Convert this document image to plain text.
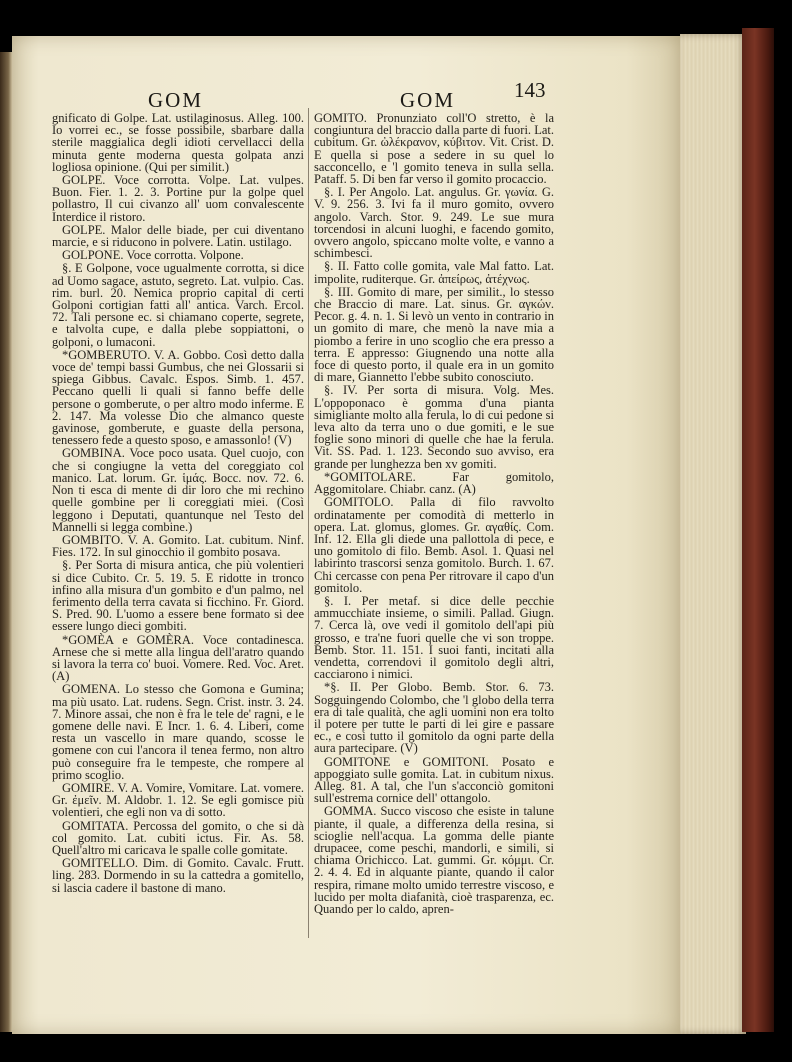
GOM	GOM	143

gnificato di Golpe. Lat. ustilaginosus. Alleg. 100. Io vorrei ec., se fosse possibile, sbarbare dalla sterile maggialica degli idioti cervellacci della minuta gente moderna questa golpata anzi logliosa opinione. (Qui per similit.)

GOLPE. Voce corrotta. Volpe. Lat. vulpes. Buon. Fier. 1. 2. 3. Portine pur la golpe quel pollastro, Il cui civanzo all' uom convalescente Interdice il ristoro.

GOLPE. Malor delle biade, per cui diventano marcie, e si riducono in polvere. Latin. ustilago.

GOLPONE. Voce corrotta. Volpone.

§. E Golpone, voce ugualmente corrotta, si dice ad Uomo sagace, astuto, segreto. Lat. vulpio. Cas. rim. burl. 20. Nemica proprio capital di certi Golponi cortigian fatti all' antica. Varch. Ercol. 72. Tali persone ec. si chiamano coperte, segrete, e talvolta cupe, e dalla plebe soppiattoni, o golponi, o lumaconi.

*GOMBERUTO. V. A. Gobbo. Così detto dalla voce de' tempi bassi Gumbus, che nei Glossarii si spiega Gibbus. Cavalc. Espos. Simb. 1. 457. Peccano quelli li quali si fanno beffe delle persone o gomberute, o per altro modo inferme. E 2. 147. Ma volesse Dio che almanco queste gavinose, gomberute, e guaste della persona, tenessero fede a questo sposo, e amassonlo! (V)

GOMBINA. Voce poco usata. Quel cuojo, con che si congiugne la vetta del coreggiato col manico. Lat. lorum. Gr. ἱμάς. Bocc. nov. 72. 6. Non ti esca di mente di dir loro che mi rechino quelle gombine per li coreggiati miei. (Così leggono i Deputati, quantunque nel Testo del Mannelli si legga combine.)

GOMBITO. V. A. Gomito. Lat. cubitum. Ninf. Fies. 172. In sul ginocchio il gombito posava.

§. Per Sorta di misura antica, che più volentieri si dice Cubito. Cr. 5. 19. 5. E ridotte in tronco infino alla misura d'un gombito e d'un palmo, nel ferimento della terra cavata si ficchino. Fr. Giord. S. Pred. 90. L'uomo a essere bene formato si dee essere lungo dieci gombiti.

*GOMÈA e GOMÈRA. Voce contadinesca. Arnese che si mette alla lingua dell'aratro quando si lavora la terra co' buoi. Vomere. Red. Voc. Aret. (A)

GOMENA. Lo stesso che Gomona e Gumina; ma più usato. Lat. rudens. Segn. Crist. instr. 3. 24. 7. Minore assai, che non è fra le tele de' ragni, e le gomene delle navi. E Incr. 1. 6. 4. Liberi, come resta un vascello in mare quando, scosse le gomene con cui l'ancora il tenea fermo, non altro può conseguire fra le tempeste, che rompere al primo scoglio.

GOMIRE. V. A. Vomire, Vomitare. Lat. vomere. Gr. ἐμεῖν. M. Aldobr. 1. 12. Se egli gomisce più volentieri, che egli non va di sotto.

GOMITATA. Percossa del gomito, o che si dà col gomito. Lat. cubiti ictus. Fir. As. 58. Quell'altro mi caricava le spalle colle gomitate.

GOMITELLO. Dim. di Gomito. Cavalc. Frutt. ling. 283. Dormendo in su la cattedra a gomitello, si lascia cadere il bastone di mano.

GOMITO. Pronunziato coll'O stretto, è la congiuntura del braccio dalla parte di fuori. Lat. cubitum. Gr. ὠλέκρανον, κύβιτον. Vit. Crist. D. E quella si pose a sedere in su quel lo sacconcello, e 'l gomito teneva in sulla sella. Pataff. 5. Di ben far verso il gomito procaccio.

§. I. Per Angolo. Lat. angulus. Gr. γωνία. G. V. 9. 256. 3. Ivi fa il muro gomito, ovvero angolo. Varch. Stor. 9. 249. Le sue mura torcendosi in alcuni luoghi, e facendo gomito, ovvero angolo, spiccano molte volte, e vanno a schimbesci.

§. II. Fatto colle gomita, vale Mal fatto. Lat. impolite, ruditerque. Gr. ἀπείρως, ἀτέχνως.

§. III. Gomito di mare, per similit., lo stesso che Braccio di mare. Lat. sinus. Gr. αγκών. Pecor. g. 4. n. 1. Si levò un vento in contrario in un gomito di mare, che menò la nave mia a piombo a ferire in uno scoglio che era presso a terra. E appresso: Giugnendo una notte alla foce di questo porto, il quale era in un gomito di mare, Giannetto l'ebbe subito conosciuto.

§. IV. Per sorta di misura. Volg. Mes. L'oppoponaco è gomma d'una pianta simigliante molto alla ferula, lo di cui pedone si leva alto da terra uno o due gomiti, e le sue foglie sono minori di quelle che hae la ferula. Vit. SS. Pad. 1. 123. Secondo suo avviso, era grande per lunghezza ben xv gomiti.

*GOMITOLARE. Far gomitolo, Aggomitolare. Chiabr. canz. (A)

GOMITOLO. Palla di filo ravvolto ordinatamente per comodità di metterlo in opera. Lat. glomus, glomes. Gr. αγαθίς. Com. Inf. 12. Ella gli diede una pallottola di pece, e uno gomitolo di filo. Bemb. Asol. 1. Quasi nel labirinto trascorsi senza gomitolo. Burch. 1. 67. Chi cercasse con pena Per ritrovare il capo d'un gomitolo.

§. I. Per metaf. si dice delle pecchie ammucchiate insieme, o simili. Pallad. Giugn. 7. Cerca là, ove vedi il gomitolo dell'api più grosso, e tra'ne fuori quelle che vi son troppe. Bemb. Stor. 11. 151. I suoi fanti, incitati alla vendetta, correndovi il gomitolo degli altri, cacciarono i nimici.

*§. II. Per Globo. Bemb. Stor. 6. 73. Sogguingendo Colombo, che 'l globo della terra era di tale qualità, che agli uomini non era tolto il potere per tutte le parti di lei gire e passare ec., e così tutto il gomitolo da ogni parte della aura partecipare. (V)

GOMITONE e GOMITONI. Posato e appoggiato sulle gomita. Lat. in cubitum nixus. Alleg. 81. A tal, che l'un s'acconciò gomitoni sull'estrema cornice dell' ottangolo.

GOMMA. Succo viscoso che esiste in talune piante, il quale, a differenza della resina, si scioglie nell'acqua. La gomma delle piante drupacee, come peschi, mandorli, e simili, si chiama Orichicco. Lat. gummi. Gr. κόμμι. Cr. 2. 4. 4. Ed in alquante piante, quando il calor respira, rimane molto umido terrestre viscoso, e lucido per molta diafanità, cioè trasparenza, ec. Quando per lo caldo, apren-
